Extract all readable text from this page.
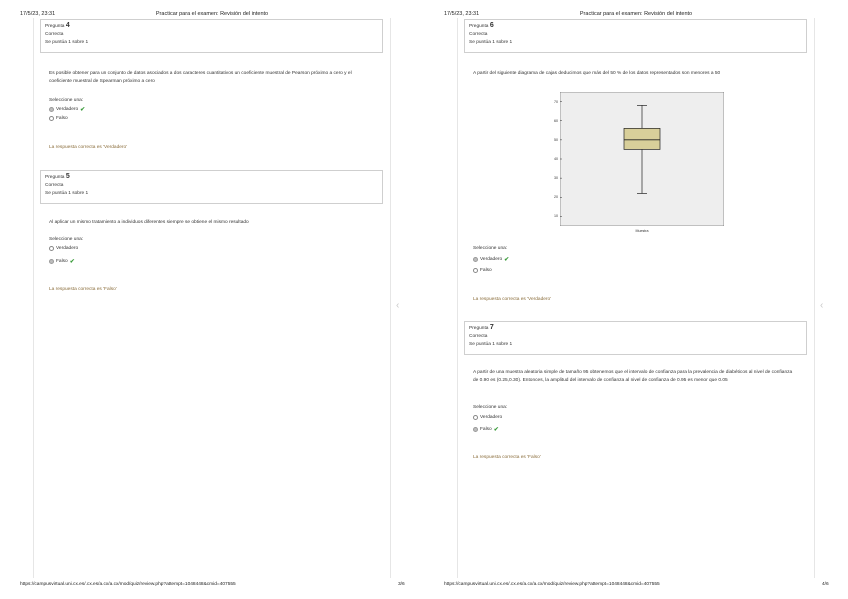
17/5/23, 23:31	Practicar para el examen: Revisión del intento
‹
Pregunta 4
Correcta
Se puntúa 1 sobre 1
Es posible obtener para un conjunto de datos asociados a dos caracteres cuantitativos un coeficiente muestral de Pearson próximo a cero y el coeficiente muestral de Spearman próximo a cero
Seleccione una:
Verdadero ✔
Falso
La respuesta correcta es 'Verdadero'
Pregunta 5
Correcta
Se puntúa 1 sobre 1
Al aplicar un mismo tratamiento a individuos diferentes siempre se obtiene el mismo resultado
Seleccione una:
Verdadero
Falso ✔
La respuesta correcta es 'Falso'
https://campusvirtual.uni.cx.es/.cx.es/a.cx/a.cx/mod/quiz/review.php?attempt=1048448&cmid=407555	3/6
17/5/23, 23:31	Practicar para el examen: Revisión del intento
‹
Pregunta 6
Correcta
Se puntúa 1 sobre 1
A partir del siguiente diagrama de cajas deducimos que más del 50 % de los datos representados son menores a 50
Seleccione una:
Verdadero ✔
Falso
La respuesta correcta es 'Verdadero'
Pregunta 7
Correcta
Se puntúa 1 sobre 1
A partir de una muestra aleatoria simple de tamaño 95 obtenemos que el intervalo de confianza para la prevalencia de diabéticos al nivel de confianza de 0.90 es (0.25,0.30). Entonces, la amplitud del intervalo de confianza al nivel de confianza de 0.95 es menor que 0.05
Seleccione una:
Verdadero
Falso ✔
La respuesta correcta es 'Falso'
https://campusvirtual.uni.cx.es/.cx.es/a.cx/a.cx/mod/quiz/review.php?attempt=1048448&cmid=407555	4/6
10
20
30
40
50
60
70
Muestra
